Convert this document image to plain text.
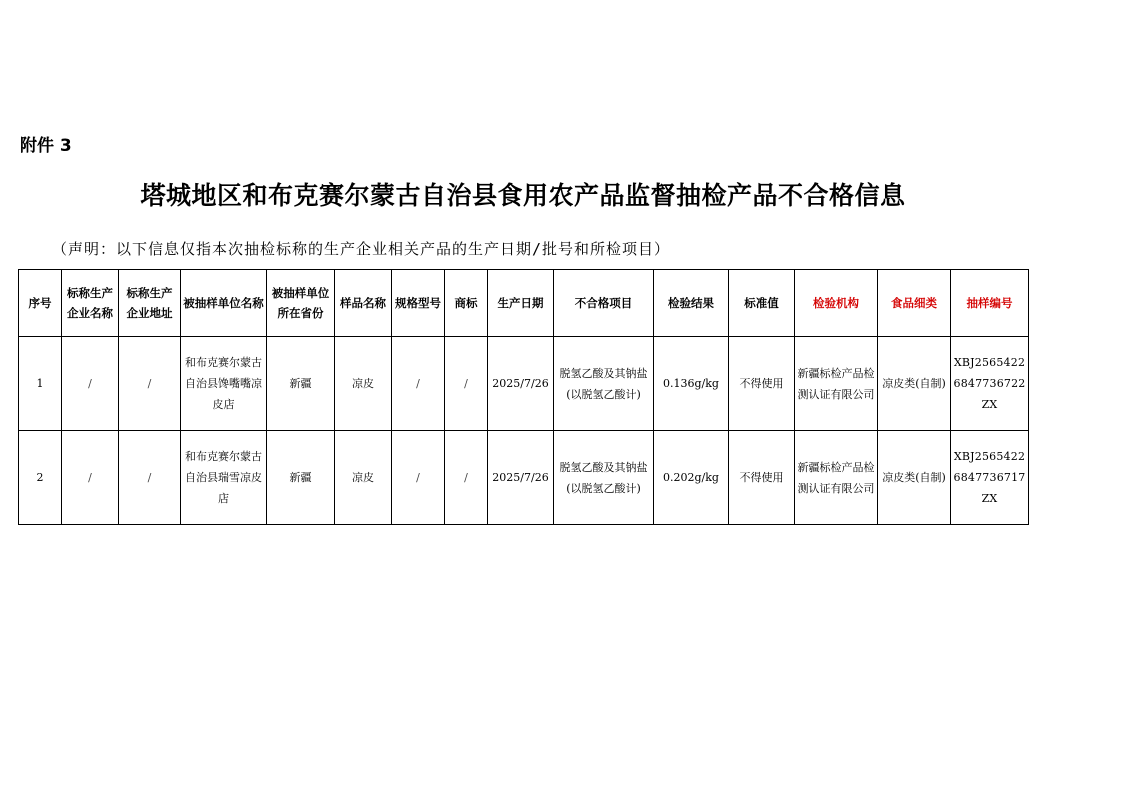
附件 3
塔城地区和布克赛尔蒙古自治县食用农产品监督抽检产品不合格信息
（声明：以下信息仅指本次抽检标称的生产企业相关产品的生产日期/批号和所检项目）
序号	标称生产企业名称	标称生产企业地址	被抽样单位名称	被抽样单位所在省份	样品名称	规格型号	商标	生产日期	不合格项目	检验结果	标准值	检验机构	食品细类	抽样编号
1	/	/	和布克赛尔蒙古自治县馋嘴嘴凉皮店	新疆	凉皮	/	/	2025/7/26	脱氢乙酸及其钠盐(以脱氢乙酸计)	0.136g/kg	不得使用	新疆标检产品检测认证有限公司	凉皮类(自制)	XBJ25654226847736722ZX
2	/	/	和布克赛尔蒙古自治县瑞雪凉皮店	新疆	凉皮	/	/	2025/7/26	脱氢乙酸及其钠盐(以脱氢乙酸计)	0.202g/kg	不得使用	新疆标检产品检测认证有限公司	凉皮类(自制)	XBJ25654226847736717ZX
